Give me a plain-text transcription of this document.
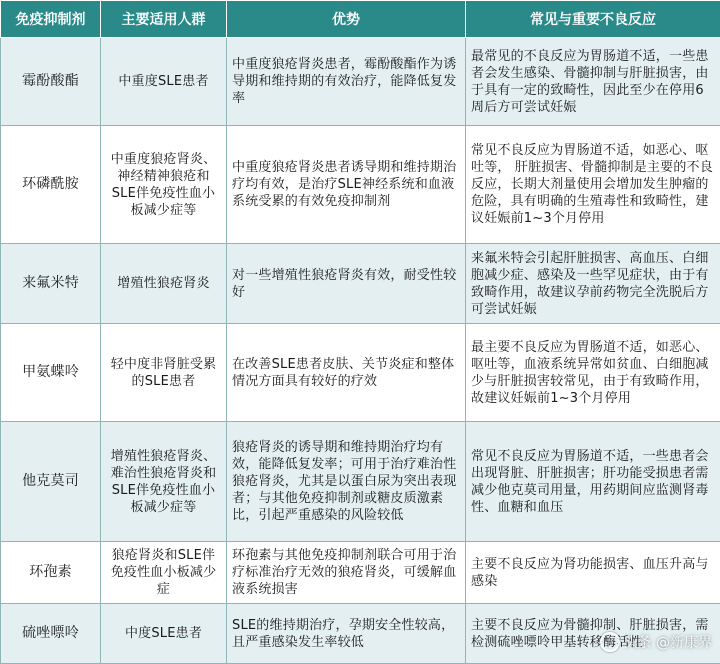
免疫抑制剂	主要适用人群	优势	常见与重要不良反应
霉酚酸酯	中重度SLE患者	中重度狼疮肾炎患者，霉酚酸酯作为诱导期和维持期的有效治疗，能降低复发率	最常见的不良反应为胃肠道不适，一些患者会发生感染、骨髓抑制与肝脏损害，由于具有一定的致畸性，因此至少在停用6周后方可尝试妊娠
环磷酰胺	中重度狼疮肾炎、神经精神狼疮和SLE伴免疫性血小板减少症等	中重度狼疮肾炎患者诱导期和维持期治疗均有效，是治疗SLE神经系统和血液系统受累的有效免疫抑制剂	常见不良反应为胃肠道不适，如恶心、呕吐等， 肝脏损害、骨髓抑制是主要的不良反应，长期大剂量使用会增加发生肿瘤的危险，具有明确的生殖毒性和致畸性，建议妊娠前1~3个月停用
来氟米特	增殖性狼疮肾炎	对一些增殖性狼疮肾炎有效，耐受性较好	来氟米特会引起肝脏损害、高血压、白细胞减少症、感染及一些罕见症状，由于有致畸作用，故建议孕前药物完全洗脱后方可尝试妊娠
甲氨蝶呤	轻中度非肾脏受累的SLE患者	在改善SLE患者皮肤、关节炎症和整体情况方面具有较好的疗效	最主要不良反应为胃肠道不适，如恶心、呕吐等，血液系统异常如贫血、白细胞减少与肝脏损害较常见，由于有致畸作用，故建议妊娠前1~3个月停用
他克莫司	增殖性狼疮肾炎、难治性狼疮肾炎和SLE伴免疫性血小板减少症等	狼疮肾炎的诱导期和维持期治疗均有效，能降低复发率；可用于治疗难治性狼疮肾炎，尤其是以蛋白尿为突出表现者；与其他免疫抑制剂或糖皮质激素比，引起严重感染的风险较低	常见不良反应为胃肠道不适，一些患者会出现肾脏、肝脏损害；肝功能受损患者需减少他克莫司用量，用药期间应监测肾毒性、血糖和血压
环孢素	狼疮肾炎和SLE伴免疫性血小板减少症	环孢素与其他免疫抑制剂联合可用于治疗标准治疗无效的狼疮肾炎，可缓解血液系统损害	主要不良反应为肾功能损害、血压升高与感染
硫唑嘌呤	中度SLE患者	SLE的维持期治疗，孕期安全性较高，且严重感染发生率较低	主要不良反应为骨髓抑制、肝脏损害，需检测硫唑嘌呤甲基转移酶活性
头条 @新康界
